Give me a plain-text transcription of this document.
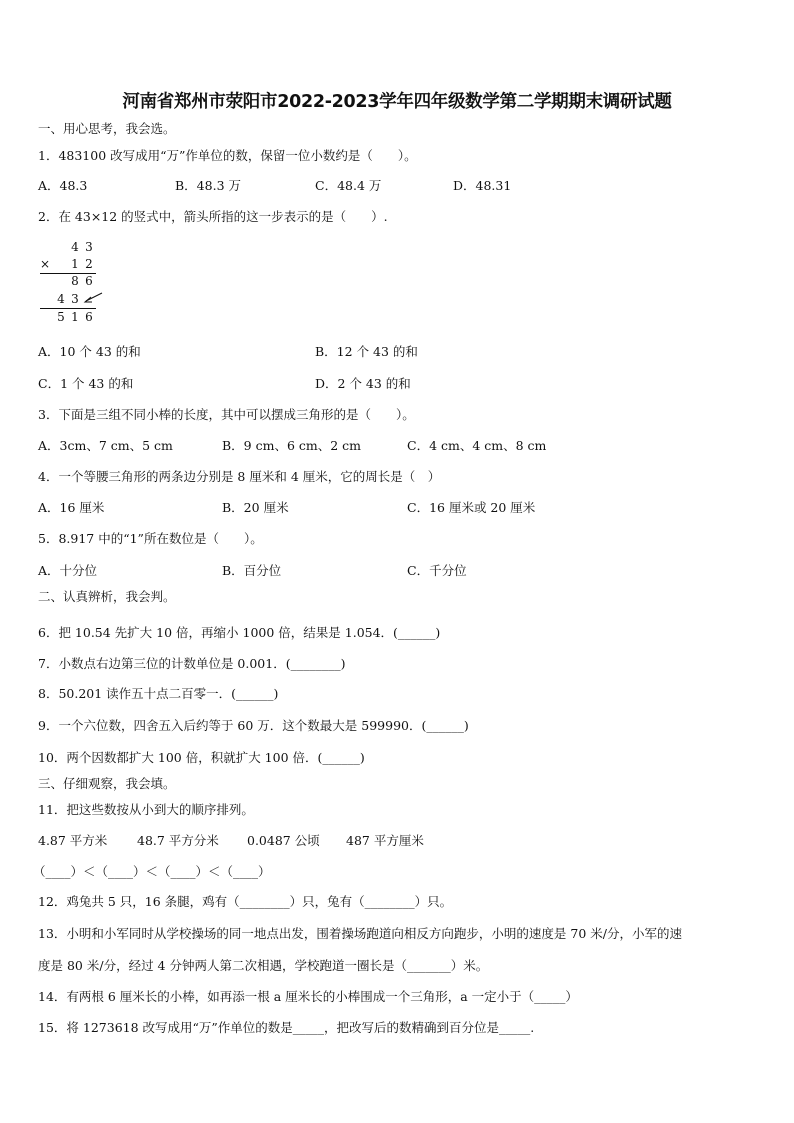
河南省郑州市荥阳市2022-2023学年四年级数学第二学期期末调研试题
一、用心思考，我会选。
1．483100 改写成用“万”作单位的数，保留一位小数约是（　　）。
A．48.3	B．48.3 万	C．48.4 万	D．48.31
2．在 43×12 的竖式中，箭头所指的这一步表示的是（　　）.
4 3
× 1 2
8 6
4 3
5 1 6
A．10 个 43 的和	B．12 个 43 的和
C．1 个 43 的和	D．2 个 43 的和
3．下面是三组不同小棒的长度，其中可以摆成三角形的是（　　）。
A．3cm、7 cm、5 cm	B．9 cm、6 cm、2 cm	C．4 cm、4 cm、8 cm
4．一个等腰三角形的两条边分别是 8 厘米和 4 厘米，它的周长是（　）
A．16 厘米	B．20 厘米	C．16 厘米或 20 厘米
5．8.917 中的“1”所在数位是（　　）。
A．十分位	B．百分位	C．千分位
二、认真辨析，我会判。
6．把 10.54 先扩大 10 倍，再缩小 1000 倍，结果是 1.054．(______)
7．小数点右边第三位的计数单位是 0.001．(________)
8．50.201 读作五十点二百零一．(______)
9．一个六位数，四舍五入后约等于 60 万．这个数最大是 599990．(______)
10．两个因数都扩大 100 倍，积就扩大 100 倍．(______)
三、仔细观察，我会填。
11．把这些数按从小到大的顺序排列。
4.87 平方米 48.7 平方分米 0.0487 公顷 487 平方厘米
（____）＜（____）＜（____）＜（____）
12．鸡兔共 5 只，16 条腿，鸡有（________）只，兔有（________）只。
13．小明和小军同时从学校操场的同一地点出发，围着操场跑道向相反方向跑步，小明的速度是 70 米/分，小军的速
度是 80 米/分，经过 4 分钟两人第二次相遇，学校跑道一圈长是（_______）米。
14．有两根 6 厘米长的小棒，如再添一根 a 厘米长的小棒围成一个三角形，a 一定小于（_____）
15．将 1273618 改写成用“万”作单位的数是_____，把改写后的数精确到百分位是_____.
